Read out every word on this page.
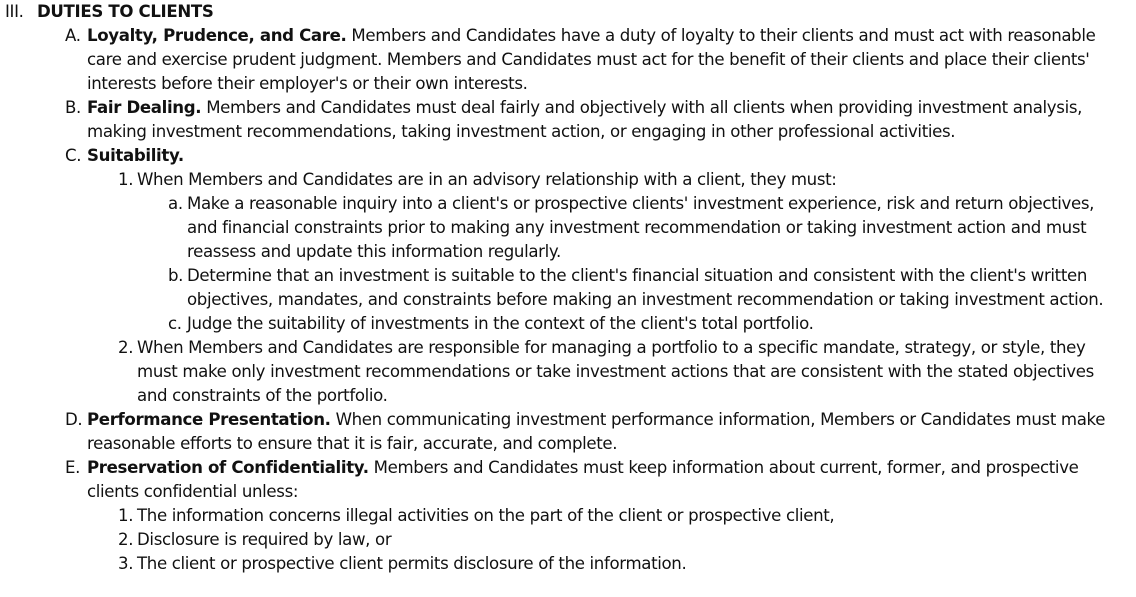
III. DUTIES TO CLIENTS
A. Loyalty, Prudence, and Care. Members and Candidates have a duty of loyalty to their clients and must act with reasonable care and exercise prudent judgment. Members and Candidates must act for the benefit of their clients and place their clients' interests before their employer's or their own interests.
B. Fair Dealing. Members and Candidates must deal fairly and objectively with all clients when providing investment analysis, making investment recommendations, taking investment action, or engaging in other professional activities.
C. Suitability.
1. When Members and Candidates are in an advisory relationship with a client, they must:
a. Make a reasonable inquiry into a client's or prospective clients' investment experience, risk and return objectives, and financial constraints prior to making any investment recommendation or taking investment action and must reassess and update this information regularly.
b. Determine that an investment is suitable to the client's financial situation and consistent with the client's written objectives, mandates, and constraints before making an investment recommendation or taking investment action.
c. Judge the suitability of investments in the context of the client's total portfolio.
2. When Members and Candidates are responsible for managing a portfolio to a specific mandate, strategy, or style, they must make only investment recommendations or take investment actions that are consistent with the stated objectives and constraints of the portfolio.
D. Performance Presentation. When communicating investment performance information, Members or Candidates must make reasonable efforts to ensure that it is fair, accurate, and complete.
E. Preservation of Confidentiality. Members and Candidates must keep information about current, former, and prospective clients confidential unless:
1. The information concerns illegal activities on the part of the client or prospective client,
2. Disclosure is required by law, or
3. The client or prospective client permits disclosure of the information.
